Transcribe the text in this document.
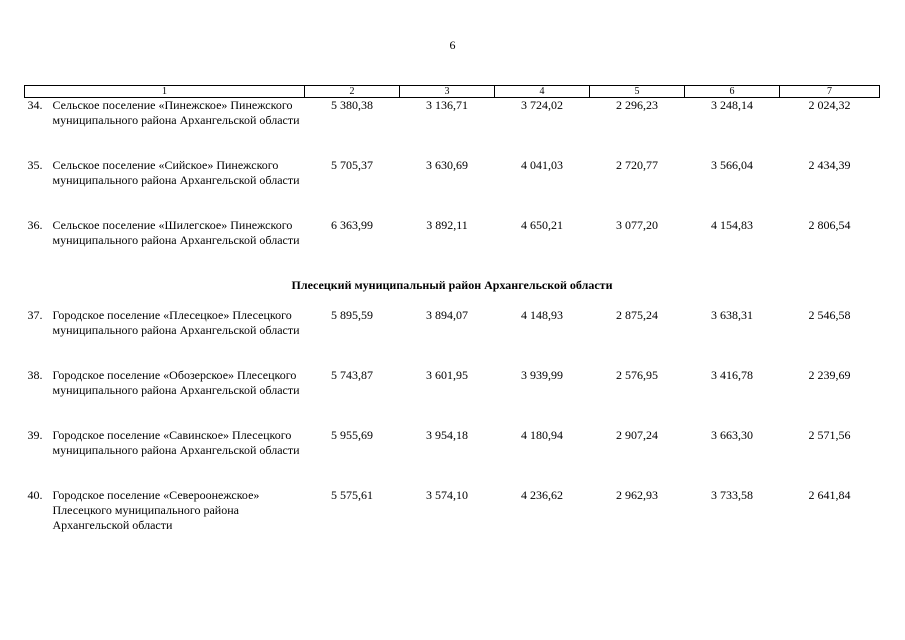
6
1	2	3	4	5	6	7

34. Сельское поселение «Пинежское» Пинежского муниципального района Архангельской области	5 380,38	3 136,71	3 724,02	2 296,23	3 248,14	2 024,32

35. Сельское поселение «Сийское» Пинежского муниципального района Архангельской области	5 705,37	3 630,69	4 041,03	2 720,77	3 566,04	2 434,39

36. Сельское поселение «Шилегское» Пинежского муниципального района Архангельской области	6 363,99	3 892,11	4 650,21	3 077,20	4 154,83	2 806,54
Плесецкий муниципальный район Архангельской области						

37. Городское поселение «Плесецкое» Плесецкого муниципального района Архангельской области	5 895,59	3 894,07	4 148,93	2 875,24	3 638,31	2 546,58

38. Городское поселение «Обозерское» Плесецкого муниципального района Архангельской области	5 743,87	3 601,95	3 939,99	2 576,95	3 416,78	2 239,69

39. Городское поселение «Савинское» Плесецкого муниципального района Архангельской области	5 955,69	3 954,18	4 180,94	2 907,24	3 663,30	2 571,56

40. Городское поселение «Североонежское» Плесецкого муниципального района Архангельской области	5 575,61	3 574,10	4 236,62	2 962,93	3 733,58	2 641,84
